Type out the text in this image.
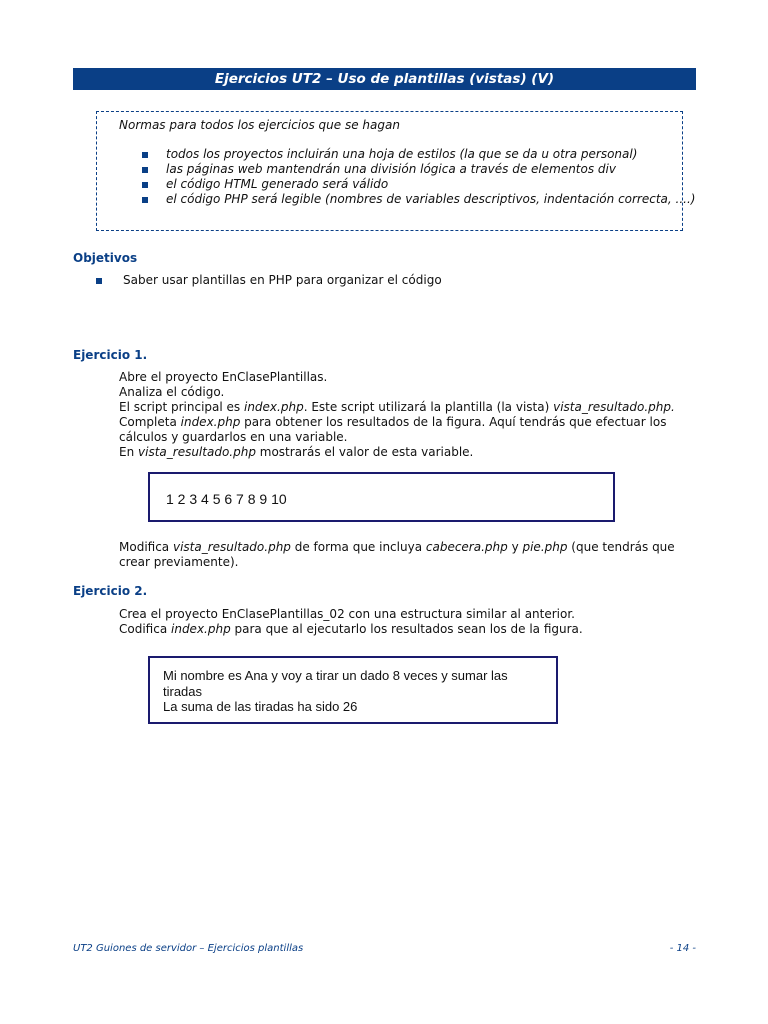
Ejercicios UT2 – Uso de plantillas (vistas) (V)
Normas para todos los ejercicios que se hagan
todos los proyectos incluirán una hoja de estilos (la que se da u otra personal)
las páginas web mantendrán una división lógica a través de elementos div
el código HTML generado será válido
el código PHP será legible (nombres de variables descriptivos, indentación correcta, ....)
Objetivos
Saber usar plantillas en PHP para organizar el código
Ejercicio 1.

Abre el proyecto EnClasePlantillas.

Analiza el código.

El script principal es index.php. Este script utilizará la plantilla (la vista) vista_resultado.php.

Completa index.php para obtener los resultados de la figura. Aquí tendrás que efectuar los cálculos y guardarlos en una variable.

En vista_resultado.php mostrarás el valor de esta variable.

1 2 3 4 5 6 7 8 9 10

Modifica vista_resultado.php de forma que incluya cabecera.php y pie.php (que tendrás que crear previamente).

Ejercicio 2.

Crea el proyecto EnClasePlantillas_02 con una estructura similar al anterior.

Codifica index.php para que al ejecutarlo los resultados sean los de la figura.

Mi nombre es Ana y voy a tirar un dado 8 veces y sumar las tiradas
La suma de las tiradas ha sido 26
UT2 Guiones de servidor – Ejercicios plantillas	- 14 -
